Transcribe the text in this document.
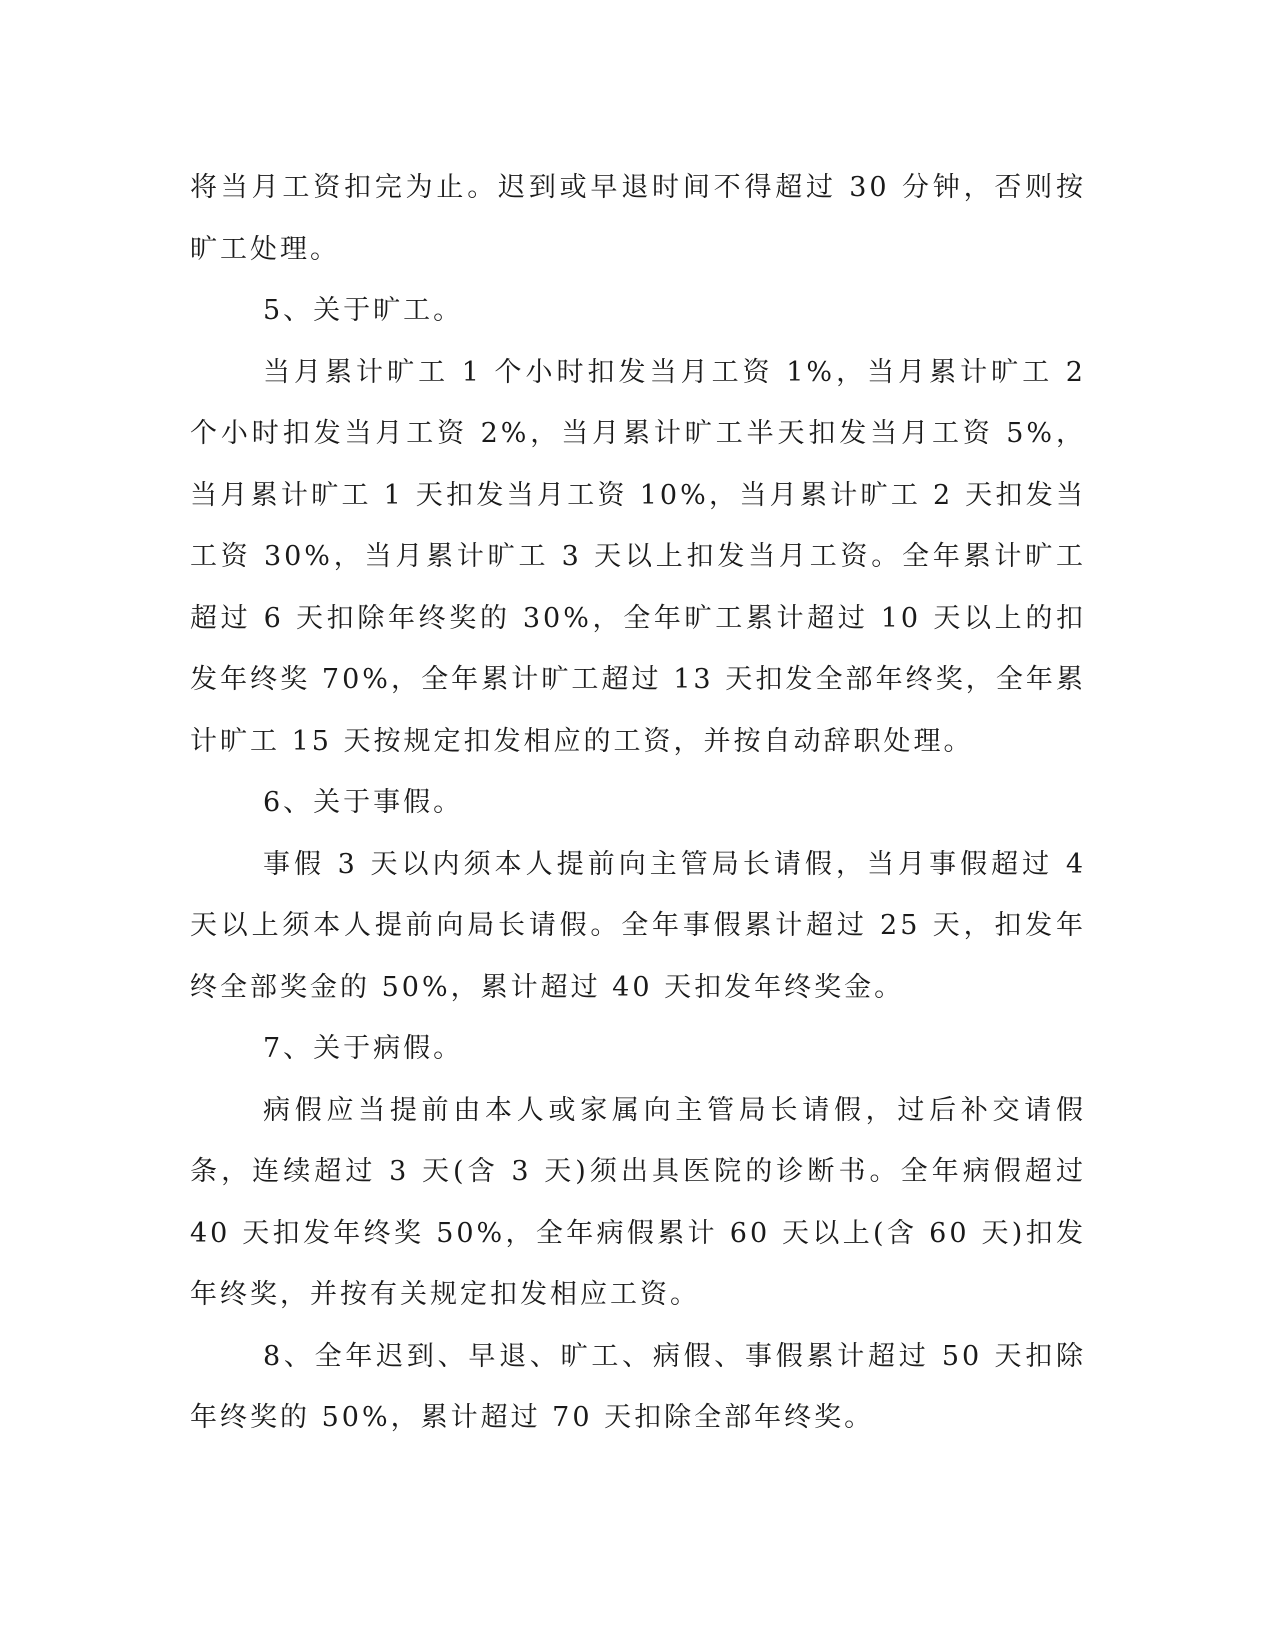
将当月工资扣完为止。迟到或早退时间不得超过 30 分钟，否则按旷工处理。

5、关于旷工。

当月累计旷工 1 个小时扣发当月工资 1%，当月累计旷工 2 个小时扣发当月工资 2%，当月累计旷工半天扣发当月工资 5%，当月累计旷工 1 天扣发当月工资 10%，当月累计旷工 2 天扣发当工资 30%，当月累计旷工 3 天以上扣发当月工资。全年累计旷工超过 6 天扣除年终奖的 30%，全年旷工累计超过 10 天以上的扣发年终奖 70%，全年累计旷工超过 13 天扣发全部年终奖，全年累计旷工 15 天按规定扣发相应的工资，并按自动辞职处理。

6、关于事假。

事假 3 天以内须本人提前向主管局长请假，当月事假超过 4 天以上须本人提前向局长请假。全年事假累计超过 25 天，扣发年终全部奖金的 50%，累计超过 40 天扣发年终奖金。

7、关于病假。

病假应当提前由本人或家属向主管局长请假，过后补交请假条，连续超过 3 天(含 3 天)须出具医院的诊断书。全年病假超过 40 天扣发年终奖 50%，全年病假累计 60 天以上(含 60 天)扣发年终奖，并按有关规定扣发相应工资。

8、全年迟到、早退、旷工、病假、事假累计超过 50 天扣除年终奖的 50%，累计超过 70 天扣除全部年终奖。
